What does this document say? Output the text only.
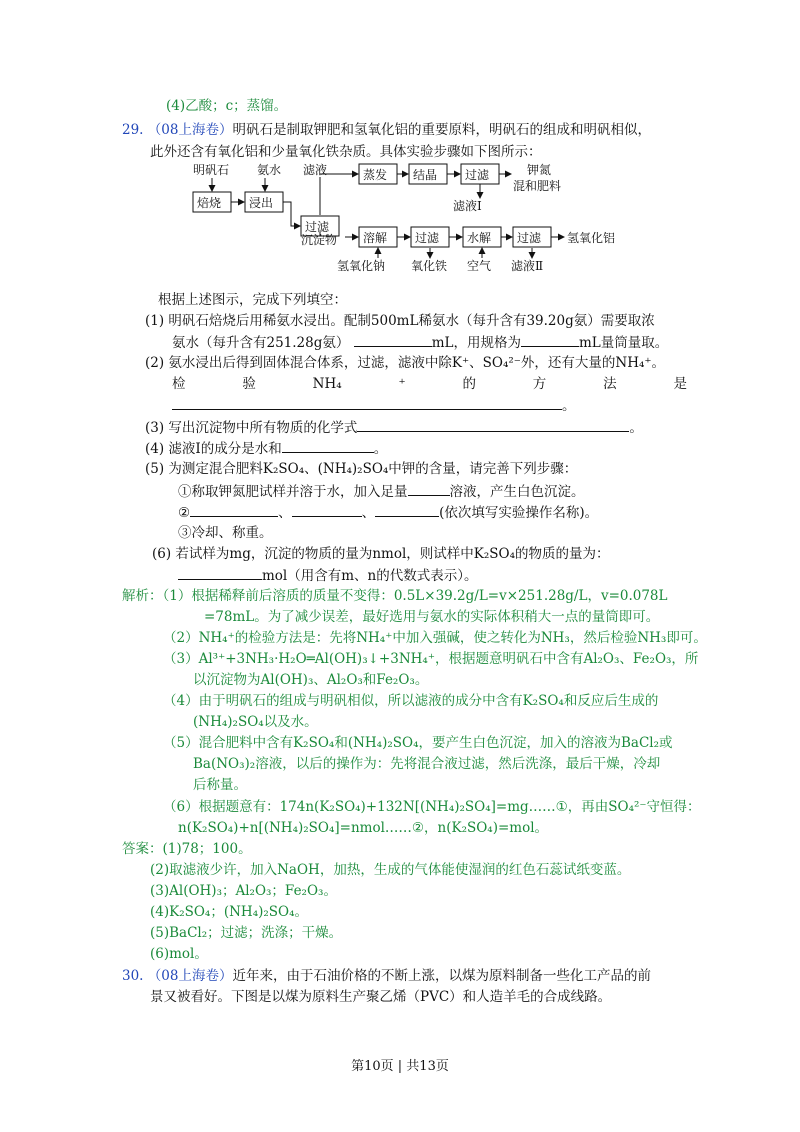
(4)乙酸；c；蒸馏。
29. （08上海卷）明矾石是制取钾肥和氢氧化铝的重要原料，明矾石的组成和明矾相似，
此外还含有氧化铝和少量氧化铁杂质。具体实验步骤如下图所示：
明矾石 氨水 滤液	钾氮
混和肥料
焙烧 浸出
过滤
蒸发 结晶 过滤
滤液Ⅰ
沉淀物 溶解 过滤 水解 过滤 氢氧化铝
氢氧化钠 氧化铁 空气 滤液Ⅱ
根据上述图示，完成下列填空：
(1) 明矾石焙烧后用稀氨水浸出。配制500mL稀氨水（每升含有39.20g氨）需要取浓
氨水（每升含有251.28g氨）	mL，用规格为	mL量筒量取。
(2) 氨水浸出后得到固体混合体系，过滤，滤液中除K⁺、SO₄²⁻外，还有大量的NH₄⁺。
检	验	NH₄	⁺	的	方	法	是
。
(3) 写出沉淀物中所有物质的化学式	。
(4) 滤液Ⅰ的成分是水和	。
(5) 为测定混合肥料K₂SO₄、(NH₄)₂SO₄中钾的含量，请完善下列步骤：
①称取钾氮肥试样并溶于水，加入足量	溶液，产生白色沉淀。
②	、	、	(依次填写实验操作名称)。
③冷却、称重。
(6) 若试样为mg，沉淀的物质的量为nmol，则试样中K₂SO₄的物质的量为：
mol（用含有m、n的代数式表示）。
解析：（1）根据稀释前后溶质的质量不变得：0.5L×39.2g/L=v×251.28g/L，v=0.078L
=78mL。为了减少误差，最好选用与氨水的实际体积稍大一点的量筒即可。
（2）NH₄⁺的检验方法是：先将NH₄⁺中加入强碱，使之转化为NH₃，然后检验NH₃即可。
（3）Al³⁺+3NH₃·H₂O═Al(OH)₃↓+3NH₄⁺，根据题意明矾石中含有Al₂O₃、Fe₂O₃，所
以沉淀物为Al(OH)₃、Al₂O₃和Fe₂O₃。
（4）由于明矾石的组成与明矾相似，所以滤液的成分中含有K₂SO₄和反应后生成的
(NH₄)₂SO₄以及水。
（5）混合肥料中含有K₂SO₄和(NH₄)₂SO₄，要产生白色沉淀，加入的溶液为BaCl₂或
Ba(NO₃)₂溶液，以后的操作为：先将混合液过滤，然后洗涤，最后干燥，冷却
后称量。
（6）根据题意有：174n(K₂SO₄)+132N[(NH₄)₂SO₄]=mg……①，再由SO₄²⁻守恒得：
n(K₂SO₄)+n[(NH₄)₂SO₄]=nmol……②，n(K₂SO₄)=mol。
答案：(1)78；100。
(2)取滤液少许，加入NaOH，加热，生成的气体能使湿润的红色石蕊试纸变蓝。
(3)Al(OH)₃；Al₂O₃；Fe₂O₃。
(4)K₂SO₄；(NH₄)₂SO₄。
(5)BaCl₂；过滤；洗涤；干燥。
(6)mol。
30. （08上海卷）近年来，由于石油价格的不断上涨，以煤为原料制备一些化工产品的前
景又被看好。下图是以煤为原料生产聚乙烯（PVC）和人造羊毛的合成线路。
第10页 | 共13页
